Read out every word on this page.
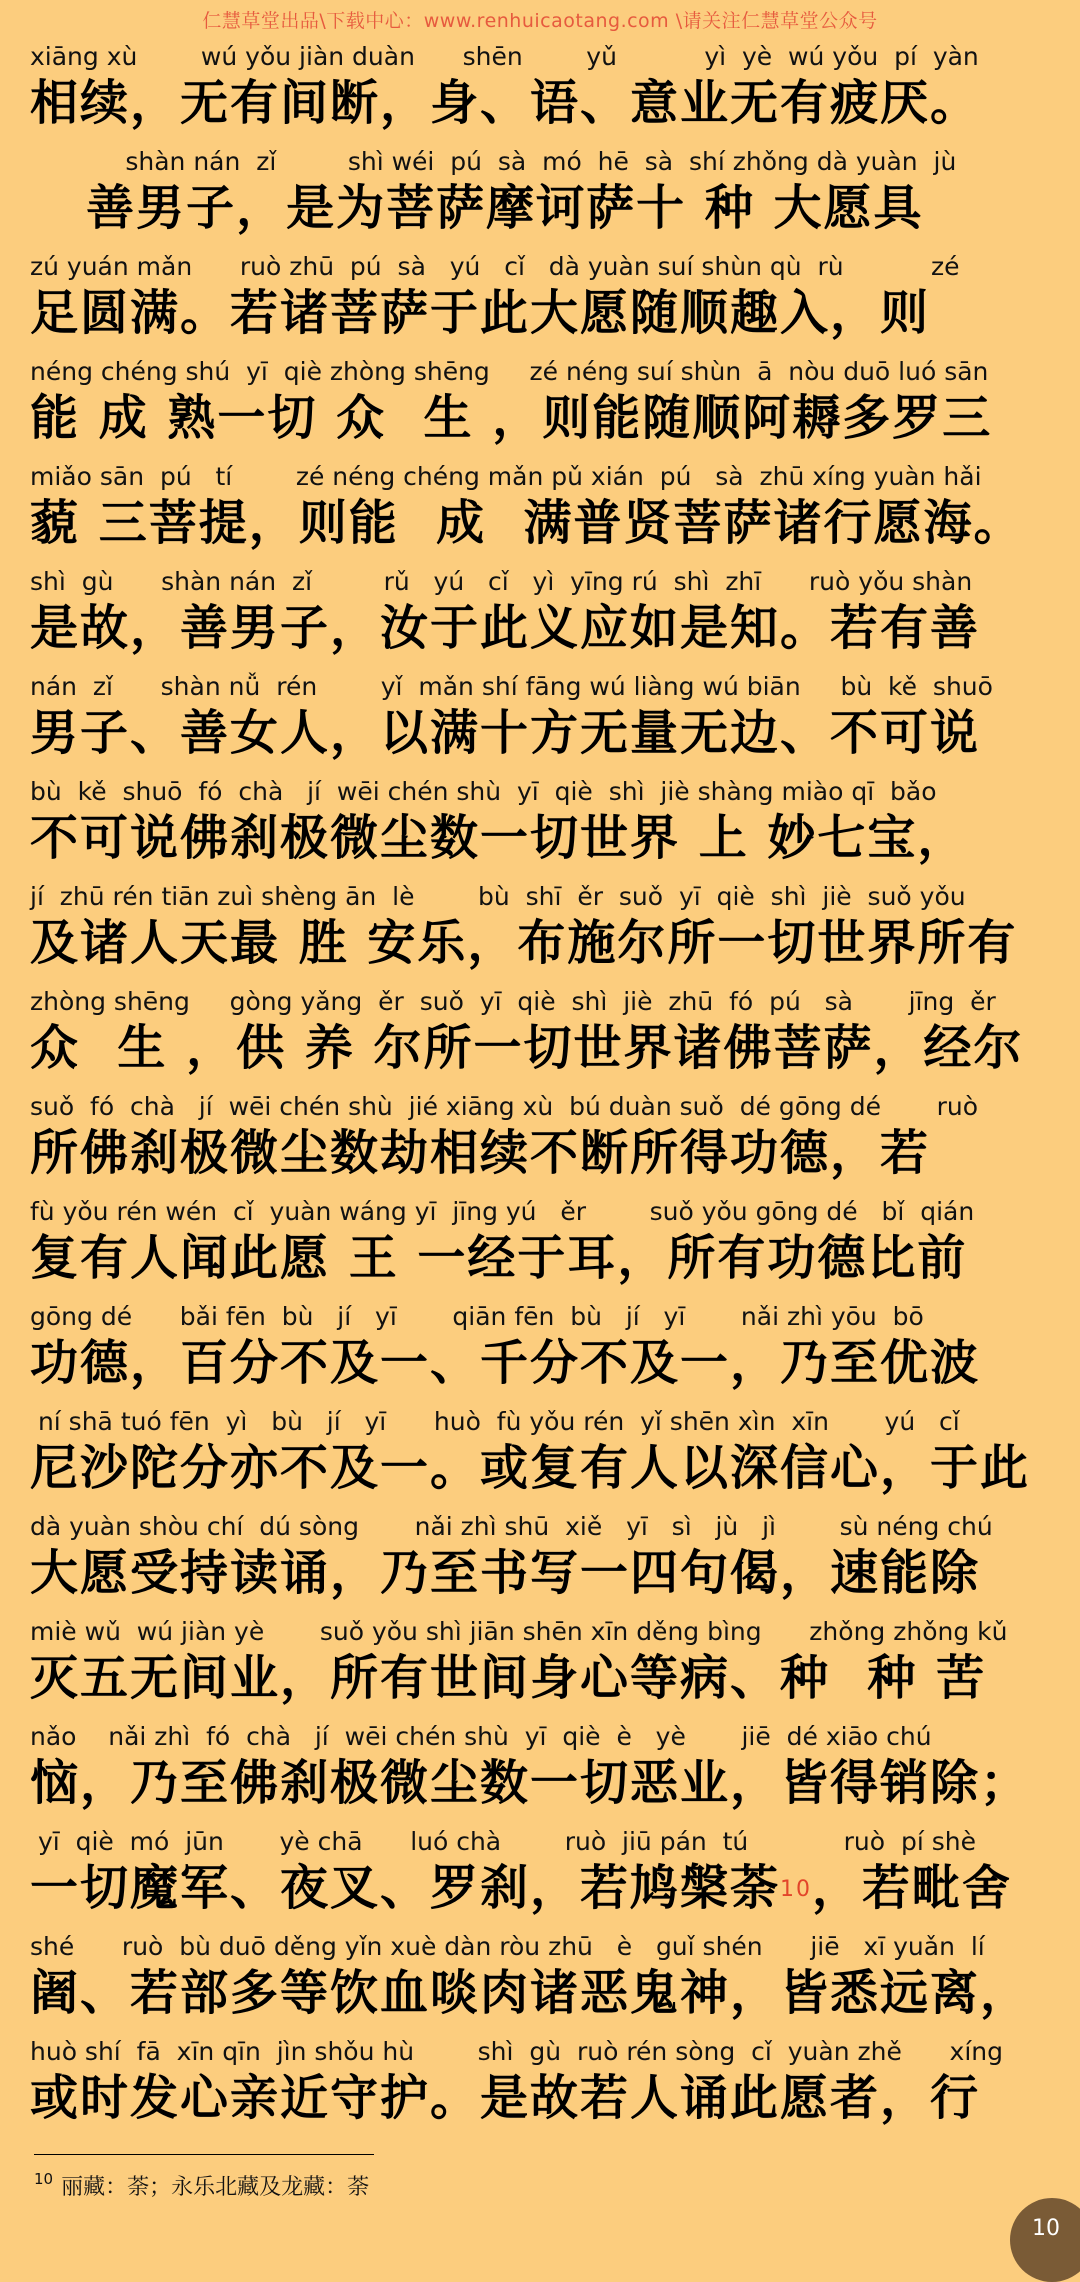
仁慧草堂出品\下载中心：www.renhuicaotang.com \请关注仁慧草堂公众号
xiāng xù        wú yǒu jiàn duàn      shēn        yǔ           yì  yè  wú yǒu  pí  yàn
相续，无有间断，身、语、意业无有疲厌。
shàn nán  zǐ         shì wéi  pú  sà  mó  hē  sà  shí zhǒng dà yuàn  jù
善男子，是为菩萨摩诃萨十 种 大愿具
zú yuán mǎn      ruò zhū  pú  sà   yú   cǐ   dà yuàn suí shùn qù  rù           zé
足圆满。若诸菩萨于此大愿随顺趣入，则
néng chéng shú  yī  qiè zhòng shēng     zé néng suí shùn  ā  nòu duō luó sān
能 成 熟一切 众  生 ，则能随顺阿耨多罗三
miǎo sān  pú   tí        zé néng chéng mǎn pǔ xián  pú   sà  zhū xíng yuàn hǎi
藐 三菩提，则能  成  满普贤菩萨诸行愿海。
shì  gù      shàn nán  zǐ         rǔ   yú   cǐ   yì  yīng rú  shì  zhī      ruò yǒu shàn
是故，善男子，汝于此义应如是知。若有善
nán  zǐ      shàn nǚ  rén        yǐ  mǎn shí fāng wú liàng wú biān     bù  kě  shuō
男子、善女人，以满十方无量无边、不可说
bù  kě  shuō  fó  chà   jí  wēi chén shù  yī  qiè  shì  jiè shàng miào qī  bǎo
不可说佛刹极微尘数一切世界 上 妙七宝，
jí  zhū rén tiān zuì shèng ān  lè        bù  shī  ěr  suǒ  yī  qiè  shì  jiè  suǒ yǒu
及诸人天最 胜 安乐，布施尔所一切世界所有
zhòng shēng     gòng yǎng  ěr  suǒ  yī  qiè  shì  jiè  zhū  fó  pú   sà       jīng  ěr
众  生 ，供 养 尔所一切世界诸佛菩萨，经尔
suǒ  fó  chà   jí  wēi chén shù  jié xiāng xù  bú duàn suǒ  dé gōng dé       ruò
所佛刹极微尘数劫相续不断所得功德，若
fù yǒu rén wén  cǐ  yuàn wáng yī  jīng yú   ěr        suǒ yǒu gōng dé   bǐ  qián
复有人闻此愿 王 一经于耳，所有功德比前
gōng dé      bǎi fēn  bù   jí   yī       qiān fēn  bù   jí   yī       nǎi zhì yōu  bō
功德，百分不及一、千分不及一，乃至优波
ní shā tuó fēn  yì   bù   jí   yī      huò  fù yǒu rén  yǐ shēn xìn  xīn       yú   cǐ
尼沙陀分亦不及一。或复有人以深信心，于此
dà yuàn shòu chí  dú sòng       nǎi zhì shū  xiě   yī   sì   jù   jì        sù néng chú
大愿受持读诵，乃至书写一四句偈，速能除
miè wǔ  wú jiàn yè       suǒ yǒu shì jiān shēn xīn děng bìng      zhǒng zhǒng kǔ
灭五无间业，所有世间身心等病、种  种 苦
nǎo    nǎi zhì  fó  chà   jí  wēi chén shù  yī  qiè  è   yè       jiē  dé xiāo chú
恼，乃至佛刹极微尘数一切恶业，皆得销除；
yī  qiè  mó  jūn       yè chā      luó chà        ruò  jiū pán  tú            ruò  pí shè
一切魔军、夜叉、罗刹，若鸠槃荼$^{10}$，若毗舍
shé      ruò  bù duō děng yǐn xuè dàn ròu zhū   è   guǐ shén      jiē   xī yuǎn  lí
阇、若部多等饮血啖肉诸恶鬼神，皆悉远离，
huò shí  fā  xīn qīn  jìn shǒu hù        shì  gù  ruò rén sòng  cǐ  yuàn zhě      xíng
或时发心亲近守护。是故若人诵此愿者，行
$^{10}$ 丽藏：荼；永乐北藏及龙藏：荼
10
